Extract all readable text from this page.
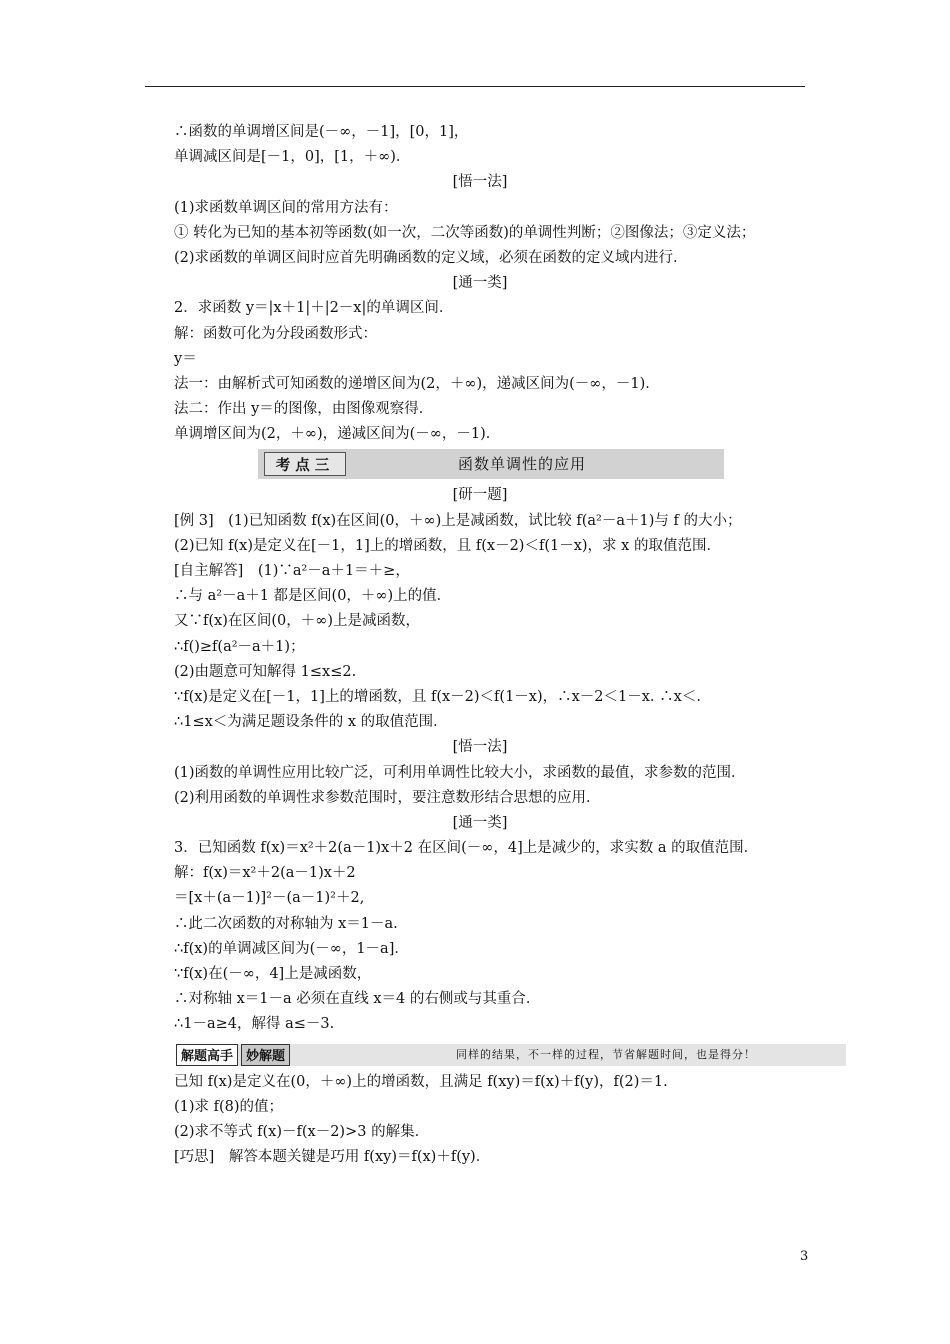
∴函数的单调增区间是(－∞，－1]，[0，1]，
单调减区间是[－1，0]，[1，＋∞)．
[悟一法]
(1)求函数单调区间的常用方法有：
① 转化为已知的基本初等函数(如一次，二次等函数)的单调性判断；②图像法；③定义法；
(2)求函数的单调区间时应首先明确函数的定义域，必须在函数的定义域内进行．
[通一类]
2．求函数 y＝|x＋1|＋|2－x|的单调区间．
解：函数可化为分段函数形式：
y＝
法一：由解析式可知函数的递增区间为(2，＋∞)，递减区间为(－∞，－1)．
法二：作出 y＝的图像，由图像观察得．
单调增区间为(2，＋∞)，递减区间为(－∞，－1)．
考点三	函数单调性的应用
[研一题]
[例 3]　(1)已知函数 f(x)在区间(0，＋∞)上是减函数，试比较 f(a²－a＋1)与 f 的大小；
(2)已知 f(x)是定义在[－1，1]上的增函数，且 f(x－2)＜f(1－x)，求 x 的取值范围．
[自主解答]　(1)∵a²－a＋1＝＋≥，
∴与 a²－a＋1 都是区间(0，＋∞)上的值．
又∵f(x)在区间(0，＋∞)上是减函数，
∴f()≥f(a²－a＋1)；
(2)由题意可知解得 1≤x≤2.
∵f(x)是定义在[－1，1]上的增函数，且 f(x－2)＜f(1－x)，∴x－2＜1－x. ∴x＜.
∴1≤x＜为满足题设条件的 x 的取值范围．
[悟一法]
(1)函数的单调性应用比较广泛，可利用单调性比较大小，求函数的最值，求参数的范围．
(2)利用函数的单调性求参数范围时，要注意数形结合思想的应用．
[通一类]
3．已知函数 f(x)＝x²＋2(a－1)x＋2 在区间(－∞，4]上是减少的，求实数 a 的取值范围．
解：f(x)＝x²＋2(a－1)x＋2
＝[x＋(a－1)]²－(a－1)²＋2,
∴此二次函数的对称轴为 x＝1－a.
∴f(x)的单调减区间为(－∞，1－a]．
∵f(x)在(－∞，4]上是减函数，
∴对称轴 x＝1－a 必须在直线 x＝4 的右侧或与其重合．
∴1－a≥4，解得 a≤－3.
解题高手	妙解题	同样的结果，不一样的过程，节省解题时间，也是得分！
已知 f(x)是定义在(0，＋∞)上的增函数，且满足 f(xy)＝f(x)＋f(y)，f(2)＝1.
(1)求 f(8)的值；
(2)求不等式 f(x)－f(x－2)>3 的解集．
[巧思]　解答本题关键是巧用 f(xy)＝f(x)＋f(y)．
3
